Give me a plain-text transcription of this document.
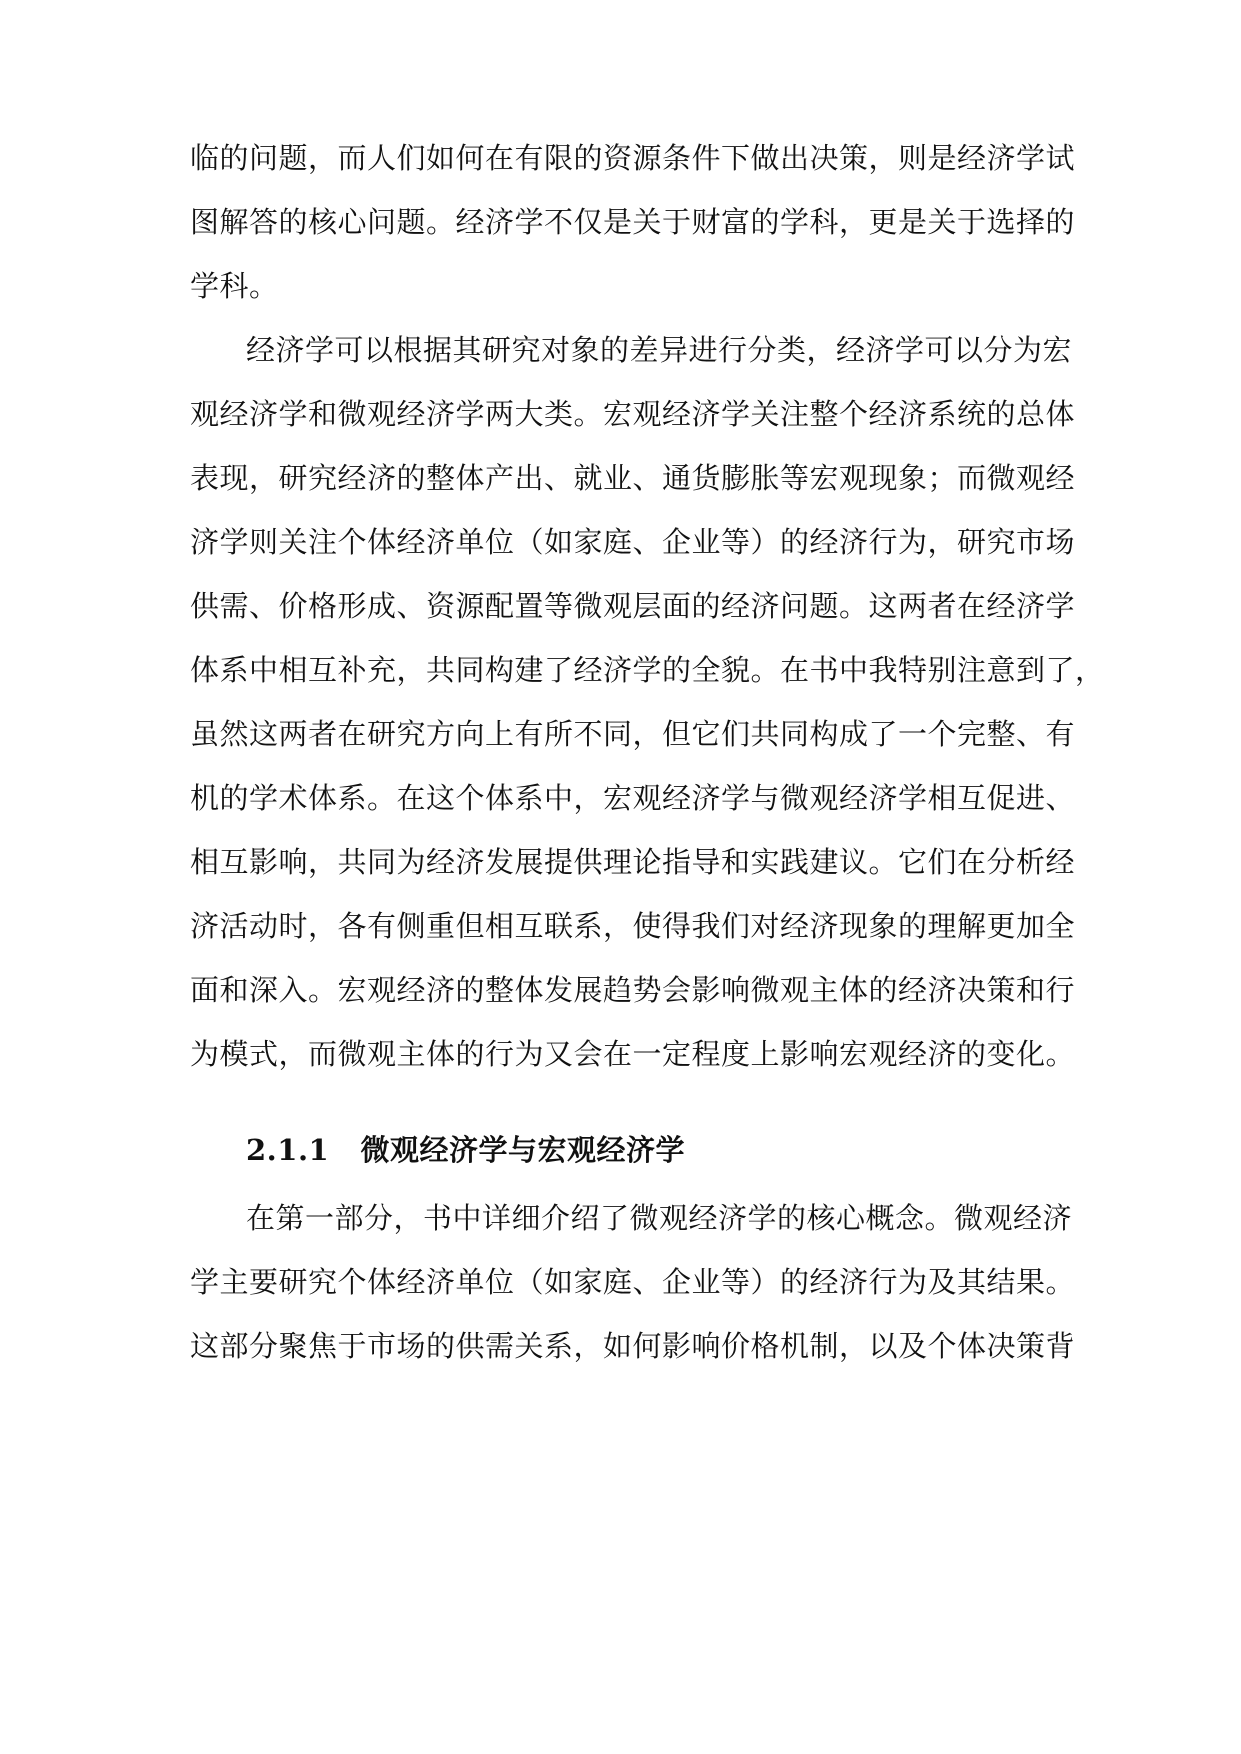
临的问题，而人们如何在有限的资源条件下做出决策，则是经济学试
图解答的核心问题。经济学不仅是关于财富的学科，更是关于选择的
学科。
经济学可以根据其研究对象的差异进行分类，经济学可以分为宏
观经济学和微观经济学两大类。宏观经济学关注整个经济系统的总体
表现，研究经济的整体产出、就业、通货膨胀等宏观现象；而微观经
济学则关注个体经济单位（如家庭、企业等）的经济行为，研究市场
供需、价格形成、资源配置等微观层面的经济问题。这两者在经济学
体系中相互补充，共同构建了经济学的全貌。在书中我特别注意到了，
虽然这两者在研究方向上有所不同，但它们共同构成了一个完整、有
机的学术体系。在这个体系中，宏观经济学与微观经济学相互促进、
相互影响，共同为经济发展提供理论指导和实践建议。它们在分析经
济活动时，各有侧重但相互联系，使得我们对经济现象的理解更加全
面和深入。宏观经济的整体发展趋势会影响微观主体的经济决策和行
为模式，而微观主体的行为又会在一定程度上影响宏观经济的变化。
2.1.1 微观经济学与宏观经济学
在第一部分，书中详细介绍了微观经济学的核心概念。微观经济
学主要研究个体经济单位（如家庭、企业等）的经济行为及其结果。
这部分聚焦于市场的供需关系，如何影响价格机制，以及个体决策背
